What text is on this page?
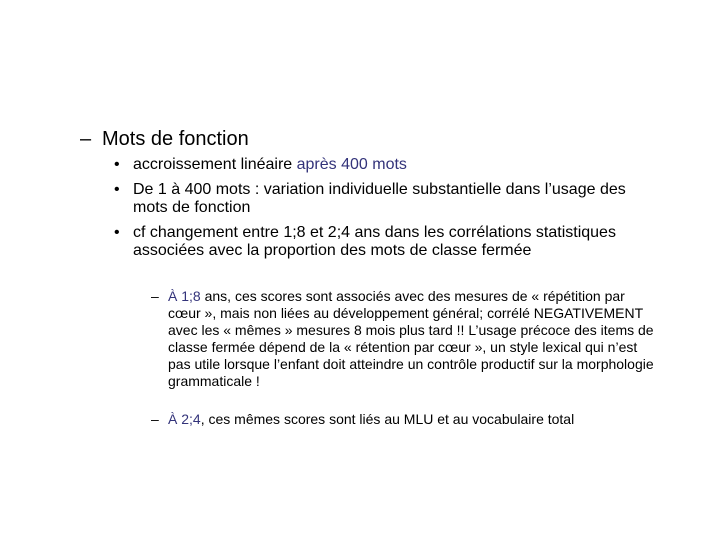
– Mots de fonction
• accroissement linéaire après 400 mots
• De 1 à 400 mots : variation individuelle substantielle dans l’usage des mots de fonction
• cf changement entre 1;8 et 2;4 ans dans les corrélations statistiques associées avec la proportion des mots de classe fermée
– À 1;8 ans, ces scores sont associés avec des mesures de « répétition par cœur », mais non liées au développement général; corrélé NEGATIVEMENT avec les « mêmes » mesures 8 mois plus tard !! L’usage précoce des items de classe fermée dépend de la « rétention par cœur », un style lexical qui n’est pas utile lorsque l’enfant doit atteindre un contrôle productif sur la morphologie grammaticale !
– À 2;4, ces mêmes scores sont liés au MLU et au vocabulaire total
